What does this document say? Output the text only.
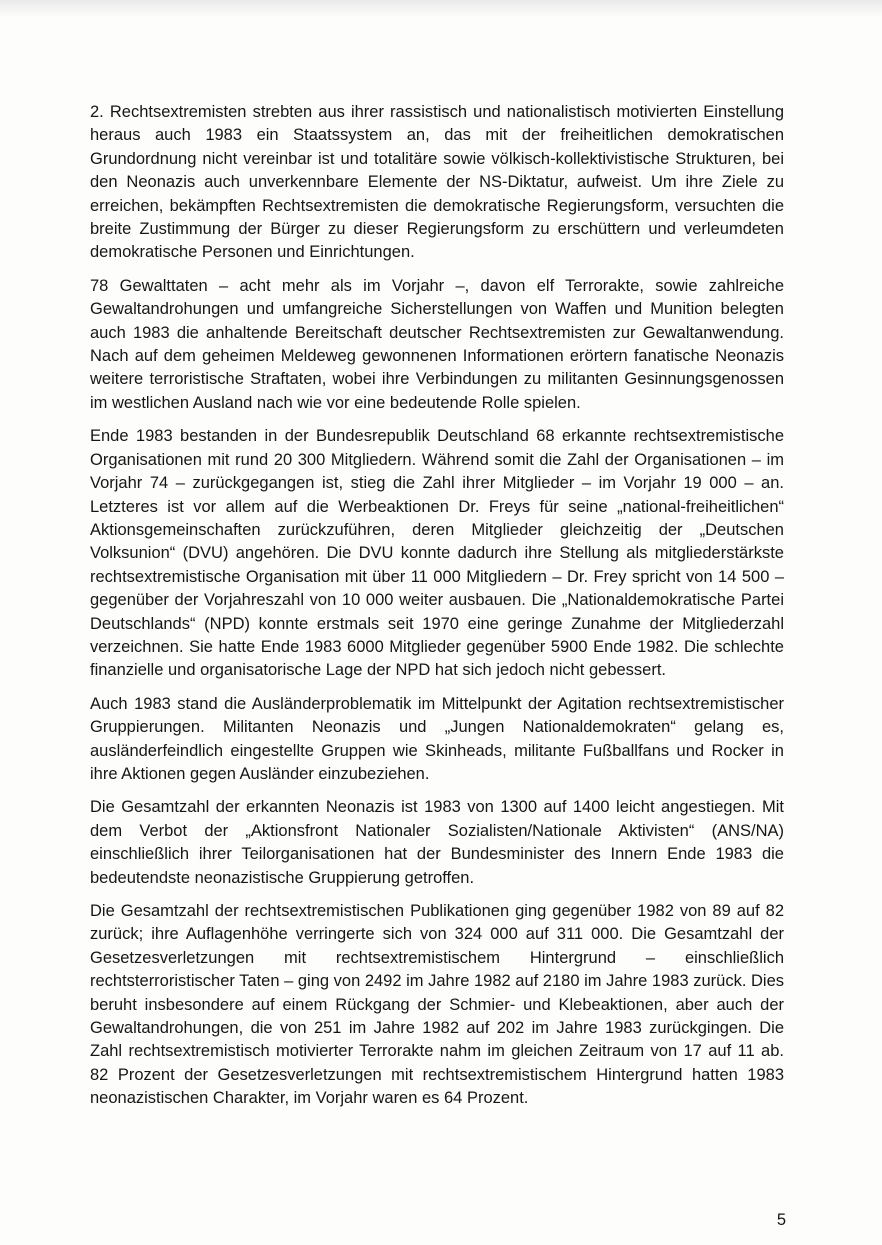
2. Rechtsextremisten strebten aus ihrer rassistisch und nationalistisch motivierten Einstellung heraus auch 1983 ein Staatssystem an, das mit der freiheitlichen demokratischen Grundordnung nicht vereinbar ist und totalitäre sowie völkisch-kollektivistische Strukturen, bei den Neonazis auch unverkennbare Elemente der NS-Diktatur, aufweist. Um ihre Ziele zu erreichen, bekämpften Rechtsextremisten die demokratische Regierungsform, versuchten die breite Zustimmung der Bürger zu dieser Regierungsform zu erschüttern und verleumdeten demokratische Personen und Einrichtungen.

78 Gewalttaten – acht mehr als im Vorjahr –, davon elf Terrorakte, sowie zahlreiche Gewaltandrohungen und umfangreiche Sicherstellungen von Waffen und Munition belegten auch 1983 die anhaltende Bereitschaft deutscher Rechtsextremisten zur Gewaltanwendung. Nach auf dem geheimen Meldeweg gewonnenen Informationen erörtern fanatische Neonazis weitere terroristische Straftaten, wobei ihre Verbindungen zu militanten Gesinnungsgenossen im westlichen Ausland nach wie vor eine bedeutende Rolle spielen.

Ende 1983 bestanden in der Bundesrepublik Deutschland 68 erkannte rechtsextremistische Organisationen mit rund 20 300 Mitgliedern. Während somit die Zahl der Organisationen – im Vorjahr 74 – zurückgegangen ist, stieg die Zahl ihrer Mitglieder – im Vorjahr 19 000 – an. Letzteres ist vor allem auf die Werbeaktionen Dr. Freys für seine „national-freiheitlichen“ Aktionsgemeinschaften zurückzuführen, deren Mitglieder gleichzeitig der „Deutschen Volksunion“ (DVU) angehören. Die DVU konnte dadurch ihre Stellung als mitgliederstärkste rechtsextremistische Organisation mit über 11 000 Mitgliedern – Dr. Frey spricht von 14 500 – gegenüber der Vorjahreszahl von 10 000 weiter ausbauen. Die „Nationaldemokratische Partei Deutschlands“ (NPD) konnte erstmals seit 1970 eine geringe Zunahme der Mitgliederzahl verzeichnen. Sie hatte Ende 1983 6000 Mitglieder gegenüber 5900 Ende 1982. Die schlechte finanzielle und organisatorische Lage der NPD hat sich jedoch nicht gebessert.

Auch 1983 stand die Ausländerproblematik im Mittelpunkt der Agitation rechtsextremistischer Gruppierungen. Militanten Neonazis und „Jungen Nationaldemokraten“ gelang es, ausländerfeindlich eingestellte Gruppen wie Skinheads, militante Fußballfans und Rocker in ihre Aktionen gegen Ausländer einzubeziehen.

Die Gesamtzahl der erkannten Neonazis ist 1983 von 1300 auf 1400 leicht angestiegen. Mit dem Verbot der „Aktionsfront Nationaler Sozialisten/Nationale Aktivisten“ (ANS/NA) einschließlich ihrer Teilorganisationen hat der Bundesminister des Innern Ende 1983 die bedeutendste neonazistische Gruppierung getroffen.

Die Gesamtzahl der rechtsextremistischen Publikationen ging gegenüber 1982 von 89 auf 82 zurück; ihre Auflagenhöhe verringerte sich von 324 000 auf 311 000. Die Gesamtzahl der Gesetzesverletzungen mit rechtsextremistischem Hintergrund – einschließlich rechtsterroristischer Taten – ging von 2492 im Jahre 1982 auf 2180 im Jahre 1983 zurück. Dies beruht insbesondere auf einem Rückgang der Schmier- und Klebeaktionen, aber auch der Gewaltandrohungen, die von 251 im Jahre 1982 auf 202 im Jahre 1983 zurückgingen. Die Zahl rechtsextremistisch motivierter Terrorakte nahm im gleichen Zeitraum von 17 auf 11 ab. 82 Prozent der Gesetzesverletzungen mit rechtsextremistischem Hintergrund hatten 1983 neonazistischen Charakter, im Vorjahr waren es 64 Prozent.

5
